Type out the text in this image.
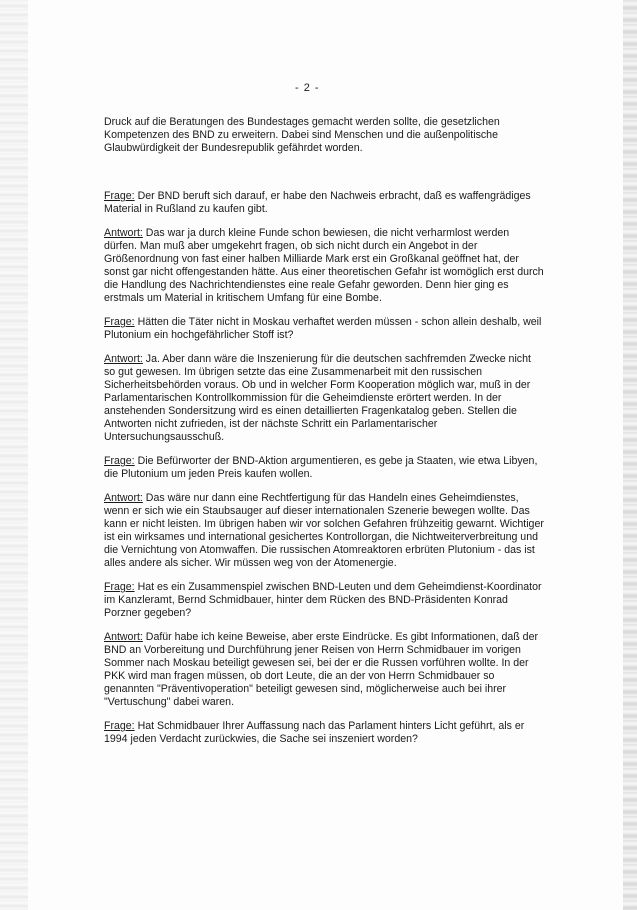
- 2 -

Druck auf die Beratungen des Bundestages gemacht werden sollte, die gesetzlichen Kompetenzen des BND zu erweitern. Dabei sind Menschen und die außenpolitische Glaubwürdigkeit der Bundesrepublik gefährdet worden.

Frage: Der BND beruft sich darauf, er habe den Nachweis erbracht, daß es waffengrädiges Material in Rußland zu kaufen gibt.

Antwort: Das war ja durch kleine Funde schon bewiesen, die nicht verharmlost werden dürfen. Man muß aber umgekehrt fragen, ob sich nicht durch ein Angebot in der Größenordnung von fast einer halben Milliarde Mark erst ein Großkanal geöffnet hat, der sonst gar nicht offengestanden hätte. Aus einer theoretischen Gefahr ist womöglich erst durch die Handlung des Nachrichtendienstes eine reale Gefahr geworden. Denn hier ging es erstmals um Material in kritischem Umfang für eine Bombe.

Frage: Hätten die Täter nicht in Moskau verhaftet werden müssen - schon allein deshalb, weil Plutonium ein hochgefährlicher Stoff ist?

Antwort: Ja. Aber dann wäre die Inszenierung für die deutschen sachfremden Zwecke nicht so gut gewesen. Im übrigen setzte das eine Zusammenarbeit mit den russischen Sicherheitsbehörden voraus. Ob und in welcher Form Kooperation möglich war, muß in der Parlamentarischen Kontrollkommission für die Geheimdienste erörtert werden. In der anstehenden Sondersitzung wird es einen detaillierten Fragenkatalog geben. Stellen die Antworten nicht zufrieden, ist der nächste Schritt ein Parlamentarischer Untersuchungsausschuß.

Frage: Die Befürworter der BND-Aktion argumentieren, es gebe ja Staaten, wie etwa Libyen, die Plutonium um jeden Preis kaufen wollen.

Antwort: Das wäre nur dann eine Rechtfertigung für das Handeln eines Geheimdienstes, wenn er sich wie ein Staubsauger auf dieser internationalen Szenerie bewegen wollte. Das kann er nicht leisten. Im übrigen haben wir vor solchen Gefahren frühzeitig gewarnt. Wichtiger ist ein wirksames und international gesichertes Kontrollorgan, die Nichtweiterverbreitung und die Vernichtung von Atomwaffen. Die russischen Atomreaktoren erbrüten Plutonium - das ist alles andere als sicher. Wir müssen weg von der Atomenergie.

Frage: Hat es ein Zusammenspiel zwischen BND-Leuten und dem Geheimdienst-Koordinator im Kanzleramt, Bernd Schmidbauer, hinter dem Rücken des BND-Präsidenten Konrad Porzner gegeben?

Antwort: Dafür habe ich keine Beweise, aber erste Eindrücke. Es gibt Informationen, daß der BND an Vorbereitung und Durchführung jener Reisen von Herrn Schmidbauer im vorigen Sommer nach Moskau beteiligt gewesen sei, bei der er die Russen vorführen wollte. In der PKK wird man fragen müssen, ob dort Leute, die an der von Herrn Schmidbauer so genannten "Präventivoperation" beteiligt gewesen sind, möglicherweise auch bei ihrer "Vertuschung" dabei waren.

Frage: Hat Schmidbauer Ihrer Auffassung nach das Parlament hinters Licht geführt, als er 1994 jeden Verdacht zurückwies, die Sache sei inszeniert worden?
